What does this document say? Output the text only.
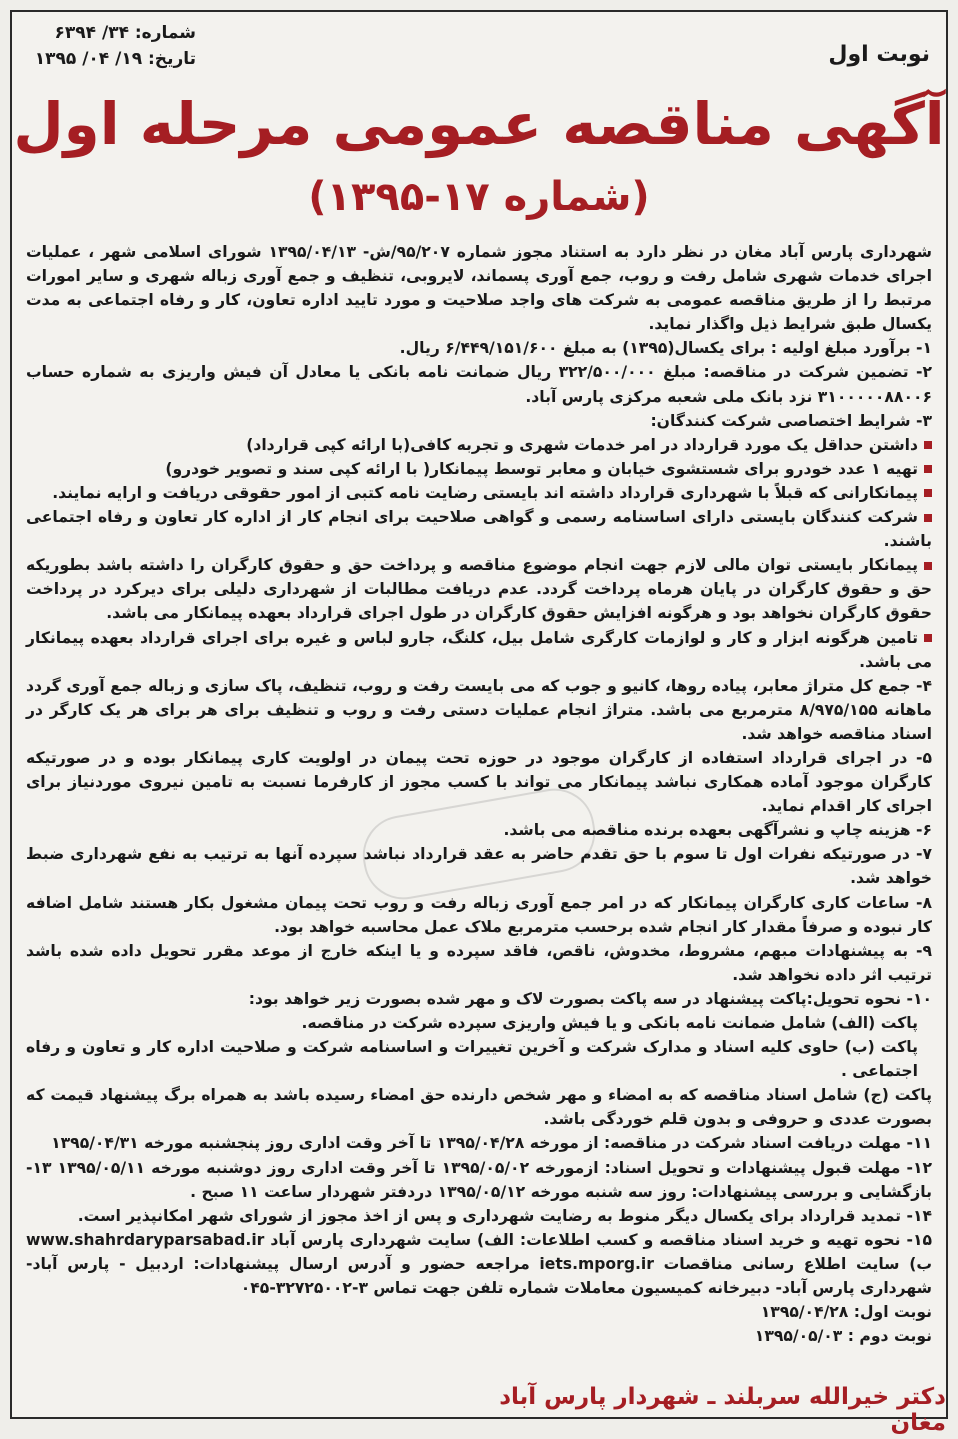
شماره: ۳۴/ ۶۳۹۴
تاریخ: ۱۹/ ۰۴/ ۱۳۹۵	نوبت اول
آگهی مناقصه عمومی مرحله اول
(شماره ۱۷-۱۳۹۵)

شهرداری پارس آباد مغان در نظر دارد به استناد مجوز شماره ۹۵/۲۰۷/ش- ۱۳۹۵/۰۴/۱۳ شورای اسلامی شهر ، عملیات اجرای خدمات شهری شامل رفت و روب، جمع آوری پسماند، لایروبی، تنظیف و جمع آوری زباله شهری و سایر امورات مرتبط را از طریق مناقصه عمومی به شرکت های واجد صلاحیت و مورد تایید اداره تعاون، کار و رفاه اجتماعی به مدت یکسال طبق شرایط ذیل واگذار نماید.

۱- برآورد مبلغ اولیه : برای یکسال(۱۳۹۵) به مبلغ ۶/۴۴۹/۱۵۱/۶۰۰ ریال.

۲- تضمین شرکت در مناقصه: مبلغ ۳۲۲/۵۰۰/۰۰۰ ریال ضمانت نامه بانکی یا معادل آن فیش واریزی به شماره حساب ۳۱۰۰۰۰۰۸۸۰۰۶ نزد بانک ملی شعبه مرکزی پارس آباد.

۳- شرایط اختصاصی شرکت کنندگان:

داشتن حداقل یک مورد قرارداد در امر خدمات شهری و تجربه کافی(با ارائه کپی قرارداد)

تهیه ۱ عدد خودرو برای شستشوی خیابان و معابر توسط پیمانکار( با ارائه کپی سند و تصویر خودرو)

پیمانکارانی که قبلاً با شهرداری قرارداد داشته اند بایستی رضایت نامه کتبی از امور حقوقی دریافت و ارایه نمایند.

شرکت کنندگان بایستی دارای اساسنامه رسمی و گواهی صلاحیت برای انجام کار از اداره کار تعاون و رفاه اجتماعی باشند.

پیمانکار بایستی توان مالی لازم جهت انجام موضوع مناقصه و پرداخت حق و حقوق کارگران را داشته باشد بطوریکه حق و حقوق کارگران در پایان هرماه پرداخت گردد. عدم دریافت مطالبات از شهرداری دلیلی برای دیرکرد در پرداخت حقوق کارگران نخواهد بود و هرگونه افزایش حقوق کارگران در طول اجرای قرارداد بعهده پیمانکار می باشد.

تامین هرگونه ابزار و کار و لوازمات کارگری شامل بیل، کلنگ، جارو لباس و غیره برای اجرای قرارداد بعهده پیمانکار می باشد.

۴- جمع کل متراژ معابر، پیاده روها، کانیو و جوب که می بایست رفت و روب، تنظیف، پاک سازی و زباله جمع آوری گردد ماهانه ۸/۹۷۵/۱۵۵ مترمربع می باشد. متراژ انجام عملیات دستی رفت و روب و تنظیف برای هر برای هر یک کارگر در اسناد مناقصه خواهد شد.

۵- در اجرای قرارداد استفاده از کارگران موجود در حوزه تحت پیمان در اولویت کاری پیمانکار بوده و در صورتیکه کارگران موجود آماده همکاری نباشد پیمانکار می تواند با کسب مجوز از کارفرما نسبت به تامین نیروی موردنیاز برای اجرای کار اقدام نماید.

۶- هزینه چاپ و نشرآگهی بعهده برنده مناقصه می باشد.

۷- در صورتیکه نفرات اول تا سوم با حق تقدم حاضر به عقد قرارداد نباشد سپرده آنها به ترتیب به نفع شهرداری ضبط خواهد شد.

۸- ساعات کاری کارگران پیمانکار که در امر جمع آوری زباله رفت و روب تحت پیمان مشغول بکار هستند شامل اضافه کار نبوده و صرفاً مقدار کار انجام شده برحسب مترمربع ملاک عمل محاسبه خواهد بود.

۹- به پیشنهادات مبهم، مشروط، مخدوش، ناقص، فاقد سپرده و یا اینکه خارج از موعد مقرر تحویل داده شده باشد ترتیب اثر داده نخواهد شد.

۱۰- نحوه تحویل:پاکت پیشنهاد در سه پاکت بصورت لاک و مهر شده بصورت زیر خواهد بود:

پاکت (الف) شامل ضمانت نامه بانکی و یا فیش واریزی سپرده شرکت در مناقصه.

پاکت (ب) حاوی کلیه اسناد و مدارک شرکت و آخرین تغییرات و اساسنامه شرکت و صلاحیت اداره کار و تعاون و رفاه اجتماعی .

پاکت (ج) شامل اسناد مناقصه که به امضاء و مهر شخص دارنده حق امضاء رسیده باشد به همراه برگ پیشنهاد قیمت که بصورت عددی و حروفی و بدون قلم خوردگی باشد.

۱۱- مهلت دریافت اسناد شرکت در مناقصه: از مورخه ۱۳۹۵/۰۴/۲۸ تا آخر وقت اداری روز پنجشنبه مورخه ۱۳۹۵/۰۴/۳۱

۱۲- مهلت قبول پیشنهادات و تحویل اسناد: ازمورخه ۱۳۹۵/۰۵/۰۲ تا آخر وقت اداری روز دوشنبه مورخه ۱۳۹۵/۰۵/۱۱ ۱۳- بازگشایی و بررسی پیشنهادات: روز سه شنبه مورخه ۱۳۹۵/۰۵/۱۲ دردفتر شهردار ساعت ۱۱ صبح .

۱۴- تمدید قرارداد برای یکسال دیگر منوط به رضایت شهرداری و پس از اخذ مجوز از شورای شهر امکانپذیر است.

۱۵- نحوه تهیه و خرید اسناد مناقصه و کسب اطلاعات: الف) سایت شهرداری پارس آباد www.shahrdaryparsabad.ir ب) سایت اطلاع رسانی مناقصات iets.mporg.ir مراجعه حضور و آدرس ارسال پیشنهادات: اردبیل - پارس آباد- شهرداری پارس آباد- دبیرخانه کمیسیون معاملات شماره تلفن جهت تماس ۳-۳۲۷۲۵۰۰۲-۰۴۵

نوبت اول: ۱۳۹۵/۰۴/۲۸

نوبت دوم : ۱۳۹۵/۰۵/۰۳

دکتر خیرالله سربلند ـ شهردار پارس آباد مغان
